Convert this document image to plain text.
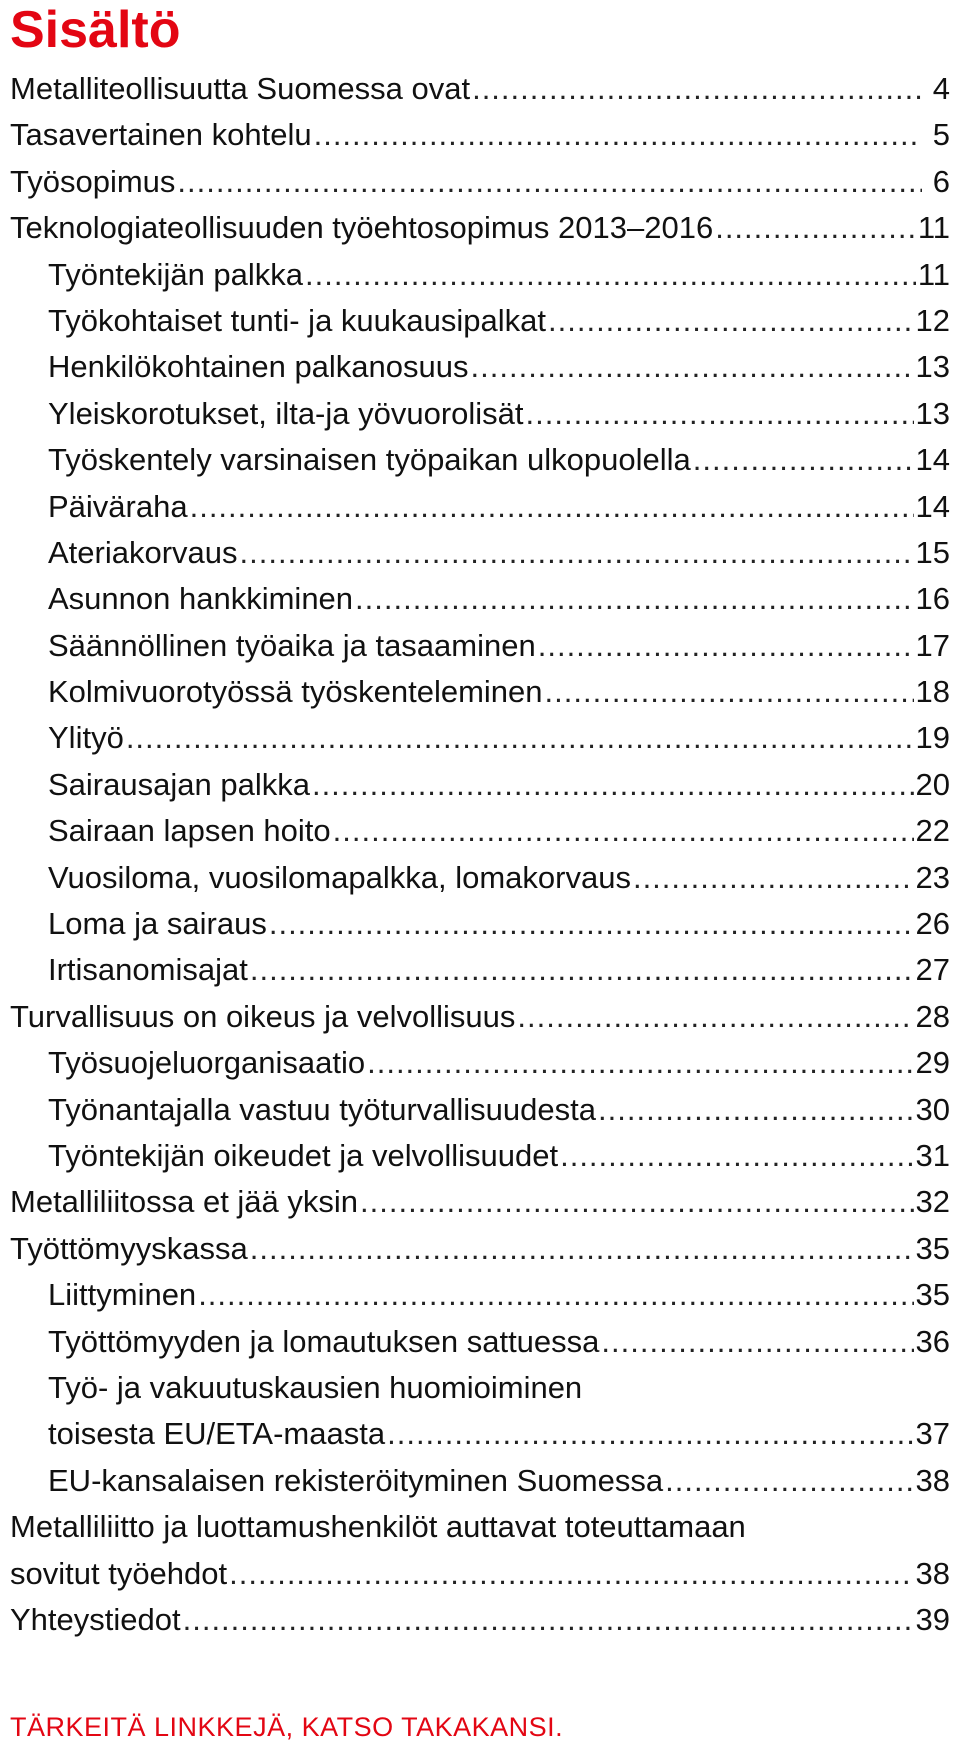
Sisältö
Metalliteollisuutta Suomessa ovat .....	4
Tasavertainen kohtelu .....	5
Työsopimus .....	6
Teknologiateollisuuden työehtosopimus 2013–2016 .....	11
Työntekijän palkka .....	11
Työkohtaiset tunti- ja kuukausipalkat .....	12
Henkilökohtainen palkanosuus .....	13
Yleiskorotukset, ilta-ja yövuorolisät .....	13
Työskentely varsinaisen työpaikan ulkopuolella .....	14
Päiväraha .....	14
Ateriakorvaus .....	15
Asunnon hankkiminen .....	16
Säännöllinen työaika ja tasaaminen .....	17
Kolmivuorotyössä työskenteleminen .....	18
Ylityö .....	19
Sairausajan palkka .....	20
Sairaan lapsen hoito .....	22
Vuosiloma, vuosilomapalkka, lomakorvaus .....	23
Loma ja sairaus .....	26
Irtisanomisajat .....	27
Turvallisuus on oikeus ja velvollisuus .....	28
Työsuojeluorganisaatio .....	29
Työnantajalla vastuu työturvallisuudesta .....	30
Työntekijän oikeudet ja velvollisuudet .....	31
Metalliliitossa et jää yksin .....	32
Työttömyyskassa .....	35
Liittyminen .....	35
Työttömyyden ja lomautuksen sattuessa .....	36
Työ- ja vakuutuskausien huomioiminen
toisesta EU/ETA-maasta .....	37
EU-kansalaisen rekisteröityminen Suomessa .....	38
Metalliliitto ja luottamushenkilöt auttavat toteuttamaan
sovitut työehdot .....	38
Yhteystiedot .....	39

TÄRKEITÄ LINKKEJÄ, KATSO TAKAKANSI.
